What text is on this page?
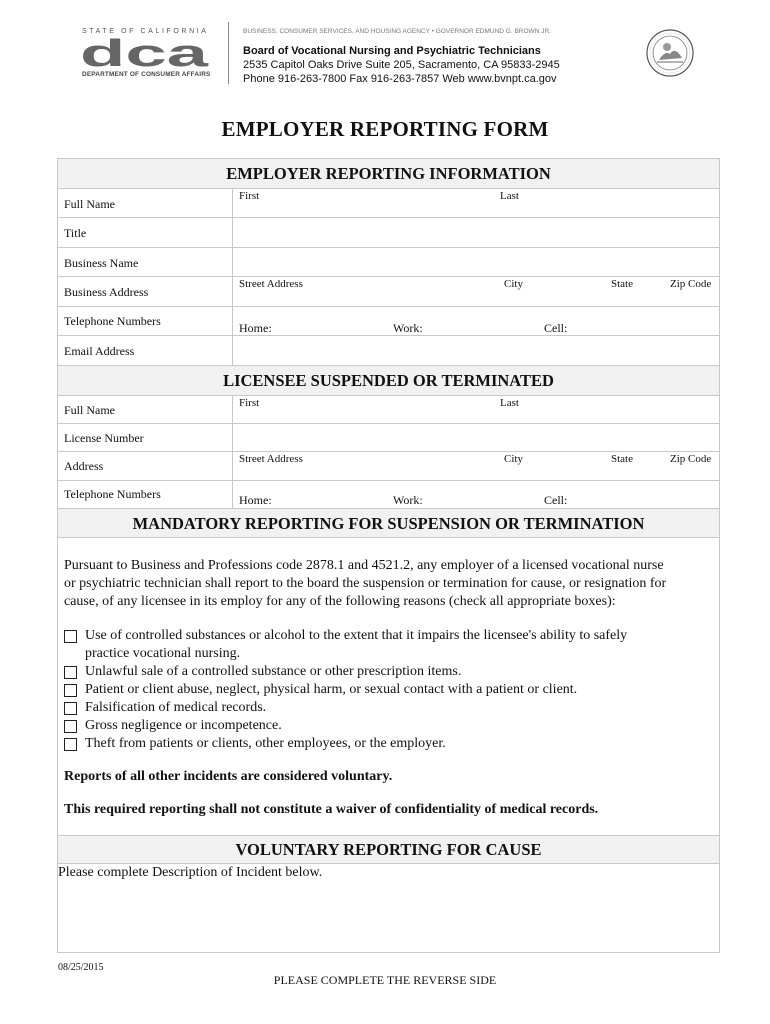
STATE OF CALIFORNIA
dca
DEPARTMENT OF CONSUMER AFFAIRS
BUSINESS, CONSUMER SERVICES, AND HOUSING AGENCY • GOVERNOR EDMUND G. BROWN JR.
Board of Vocational Nursing and Psychiatric Technicians
2535 Capitol Oaks Drive Suite 205, Sacramento, CA 95833-2945
Phone 916-263-7800 Fax 916-263-7857 Web www.bvnpt.ca.gov
EMPLOYER REPORTING FORM
EMPLOYER REPORTING INFORMATION
Full Name
First	Last
Title
Business Name
Business Address
Street Address	City	State	Zip Code
Telephone Numbers	Home:	Work:	Cell:
Email Address
LICENSEE SUSPENDED OR TERMINATED
Full Name	First	Last
License Number
Address	Street Address	City	State	Zip Code
Telephone Numbers	Home:	Work:	Cell:
MANDATORY REPORTING FOR SUSPENSION OR TERMINATION
Pursuant to Business and Professions code 2878.1 and 4521.2, any employer of a licensed vocational nurse
or psychiatric technician shall report to the board the suspension or termination for cause, or resignation for
cause, of any licensee in its employ for any of the following reasons (check all appropriate boxes):
Use of controlled substances or alcohol to the extent that it impairs the licensee's ability to safely
practice vocational nursing.
Unlawful sale of a controlled substance or other prescription items.
Patient or client abuse, neglect, physical harm, or sexual contact with a patient or client.
Falsification of medical records.
Gross negligence or incompetence.
Theft from patients or clients, other employees, or the employer.
Reports of all other incidents are considered voluntary.
This required reporting shall not constitute a waiver of confidentiality of medical records.
VOLUNTARY REPORTING FOR CAUSE
Please complete Description of Incident below.
08/25/2015
PLEASE COMPLETE THE REVERSE SIDE
